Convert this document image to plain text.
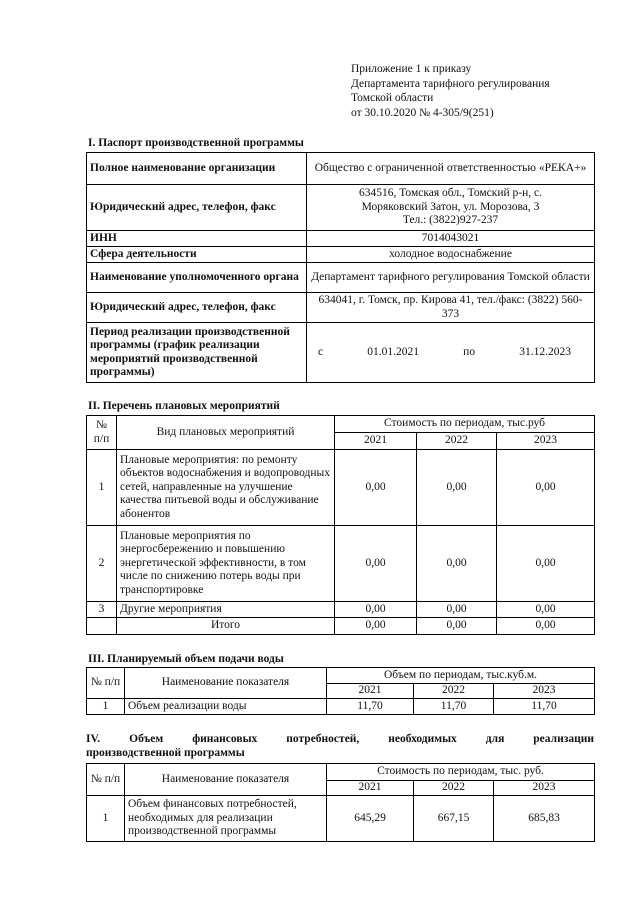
Приложение 1 к приказу
Департамента тарифного регулирования
Томской области
от 30.10.2020 № 4-305/9(251)
I. Паспорт производственной программы
Полное наименование организации	Общество с ограниченной ответственностью «РЕКА+»
Юридический адрес, телефон, факс	634516, Томская обл., Томский р-н, с.
Моряковский Затон, ул. Морозова, 3
Тел.: (3822)927-237

ИНН	7014043021
Сфера деятельности	холодное водоснабжение
Наименование уполномоченного органа	Департамент тарифного регулирования Томской области
Юридический адрес, телефон, факс	634041, г. Томск, пр. Кирова 41, тел./факс: (3822) 560-373
Период реализации производственной программы (график реализации мероприятий производственной программы)	с 01.01.2021 по 31.12.2023
II. Перечень плановых мероприятий
№ п/п	Вид плановых мероприятий	Стоимость по периодам, тыс.руб		
		2021	2022	2023
1	Плановые мероприятия: по ремонту объектов водоснабжения и водопроводных сетей, направленные на улучшение качества питьевой воды и обслуживание абонентов	0,00	0,00	0,00
2	Плановые мероприятия по энергосбережению и повышению энергетической эффективности, в том числе по снижению потерь воды при транспортировке	0,00	0,00	0,00
3	Другие мероприятия	0,00	0,00	0,00
	Итого	0,00	0,00	0,00
III. Планируемый объем подачи воды
№ п/п	Наименование показателя	Объем по периодам, тыс.куб.м.		
		2021	2022	2023
1	Объем реализации воды	11,70	11,70	11,70
IV.	Объем	финансовых	потребностей,	необходимых	для	реализации
производственной программы
№ п/п	Наименование показателя	Стоимость по периодам, тыс. руб.		
		2021	2022	2023
1	Объем финансовых потребностей, необходимых для реализации производственной программы	645,29	667,15	685,83
